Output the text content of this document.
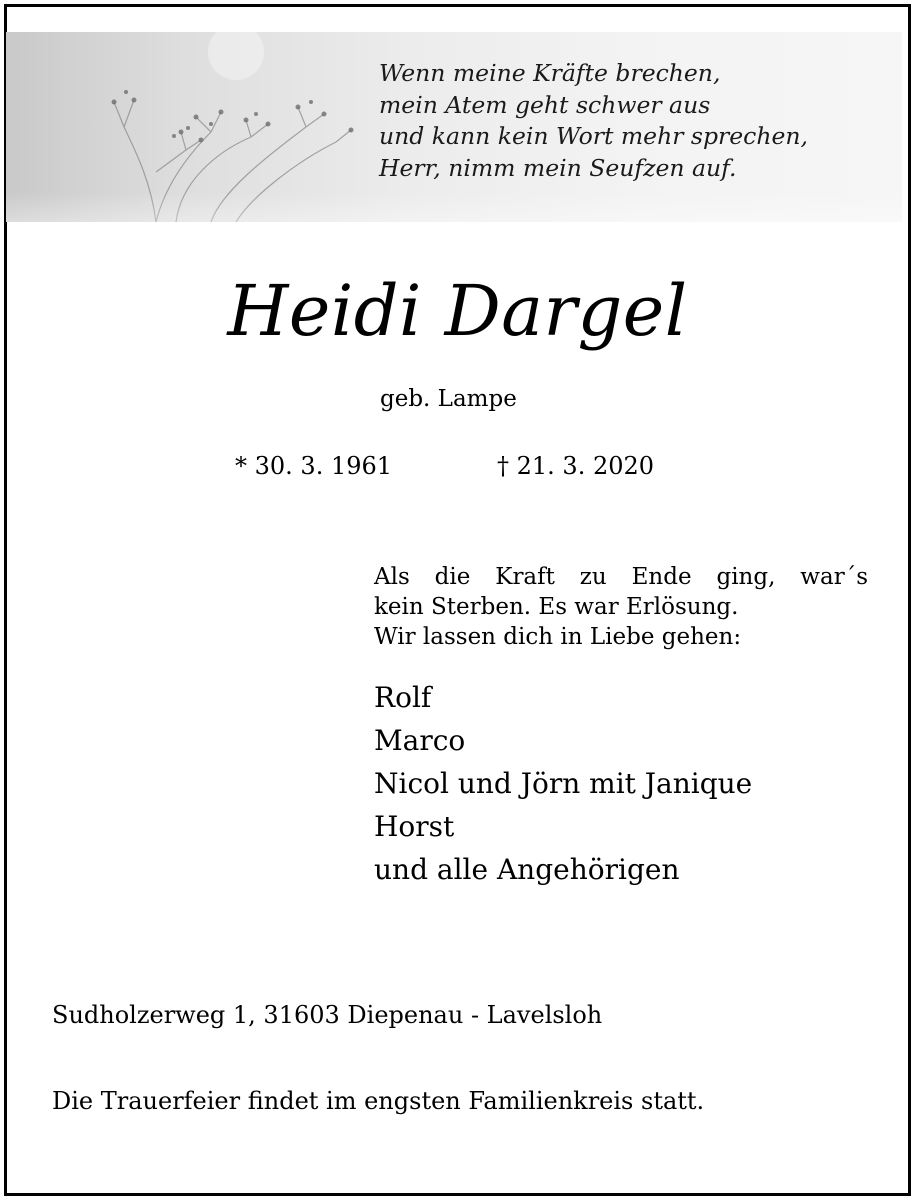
Wenn meine Kräfte brechen,
mein Atem geht schwer aus
und kann kein Wort mehr sprechen,
Herr, nimm mein Seufzen auf.
Heidi Dargel
geb. Lampe
* 30. 3. 1961	† 21. 3. 2020
Als die Kraft zu Ende ging, war´s
kein Sterben. Es war Erlösung.
Wir lassen dich in Liebe gehen:
Rolf
Marco
Nicol und Jörn mit Janique
Horst
und alle Angehörigen
Sudholzerweg 1, 31603 Diepenau - Lavelsloh
Die Trauerfeier findet im engsten Familienkreis statt.
